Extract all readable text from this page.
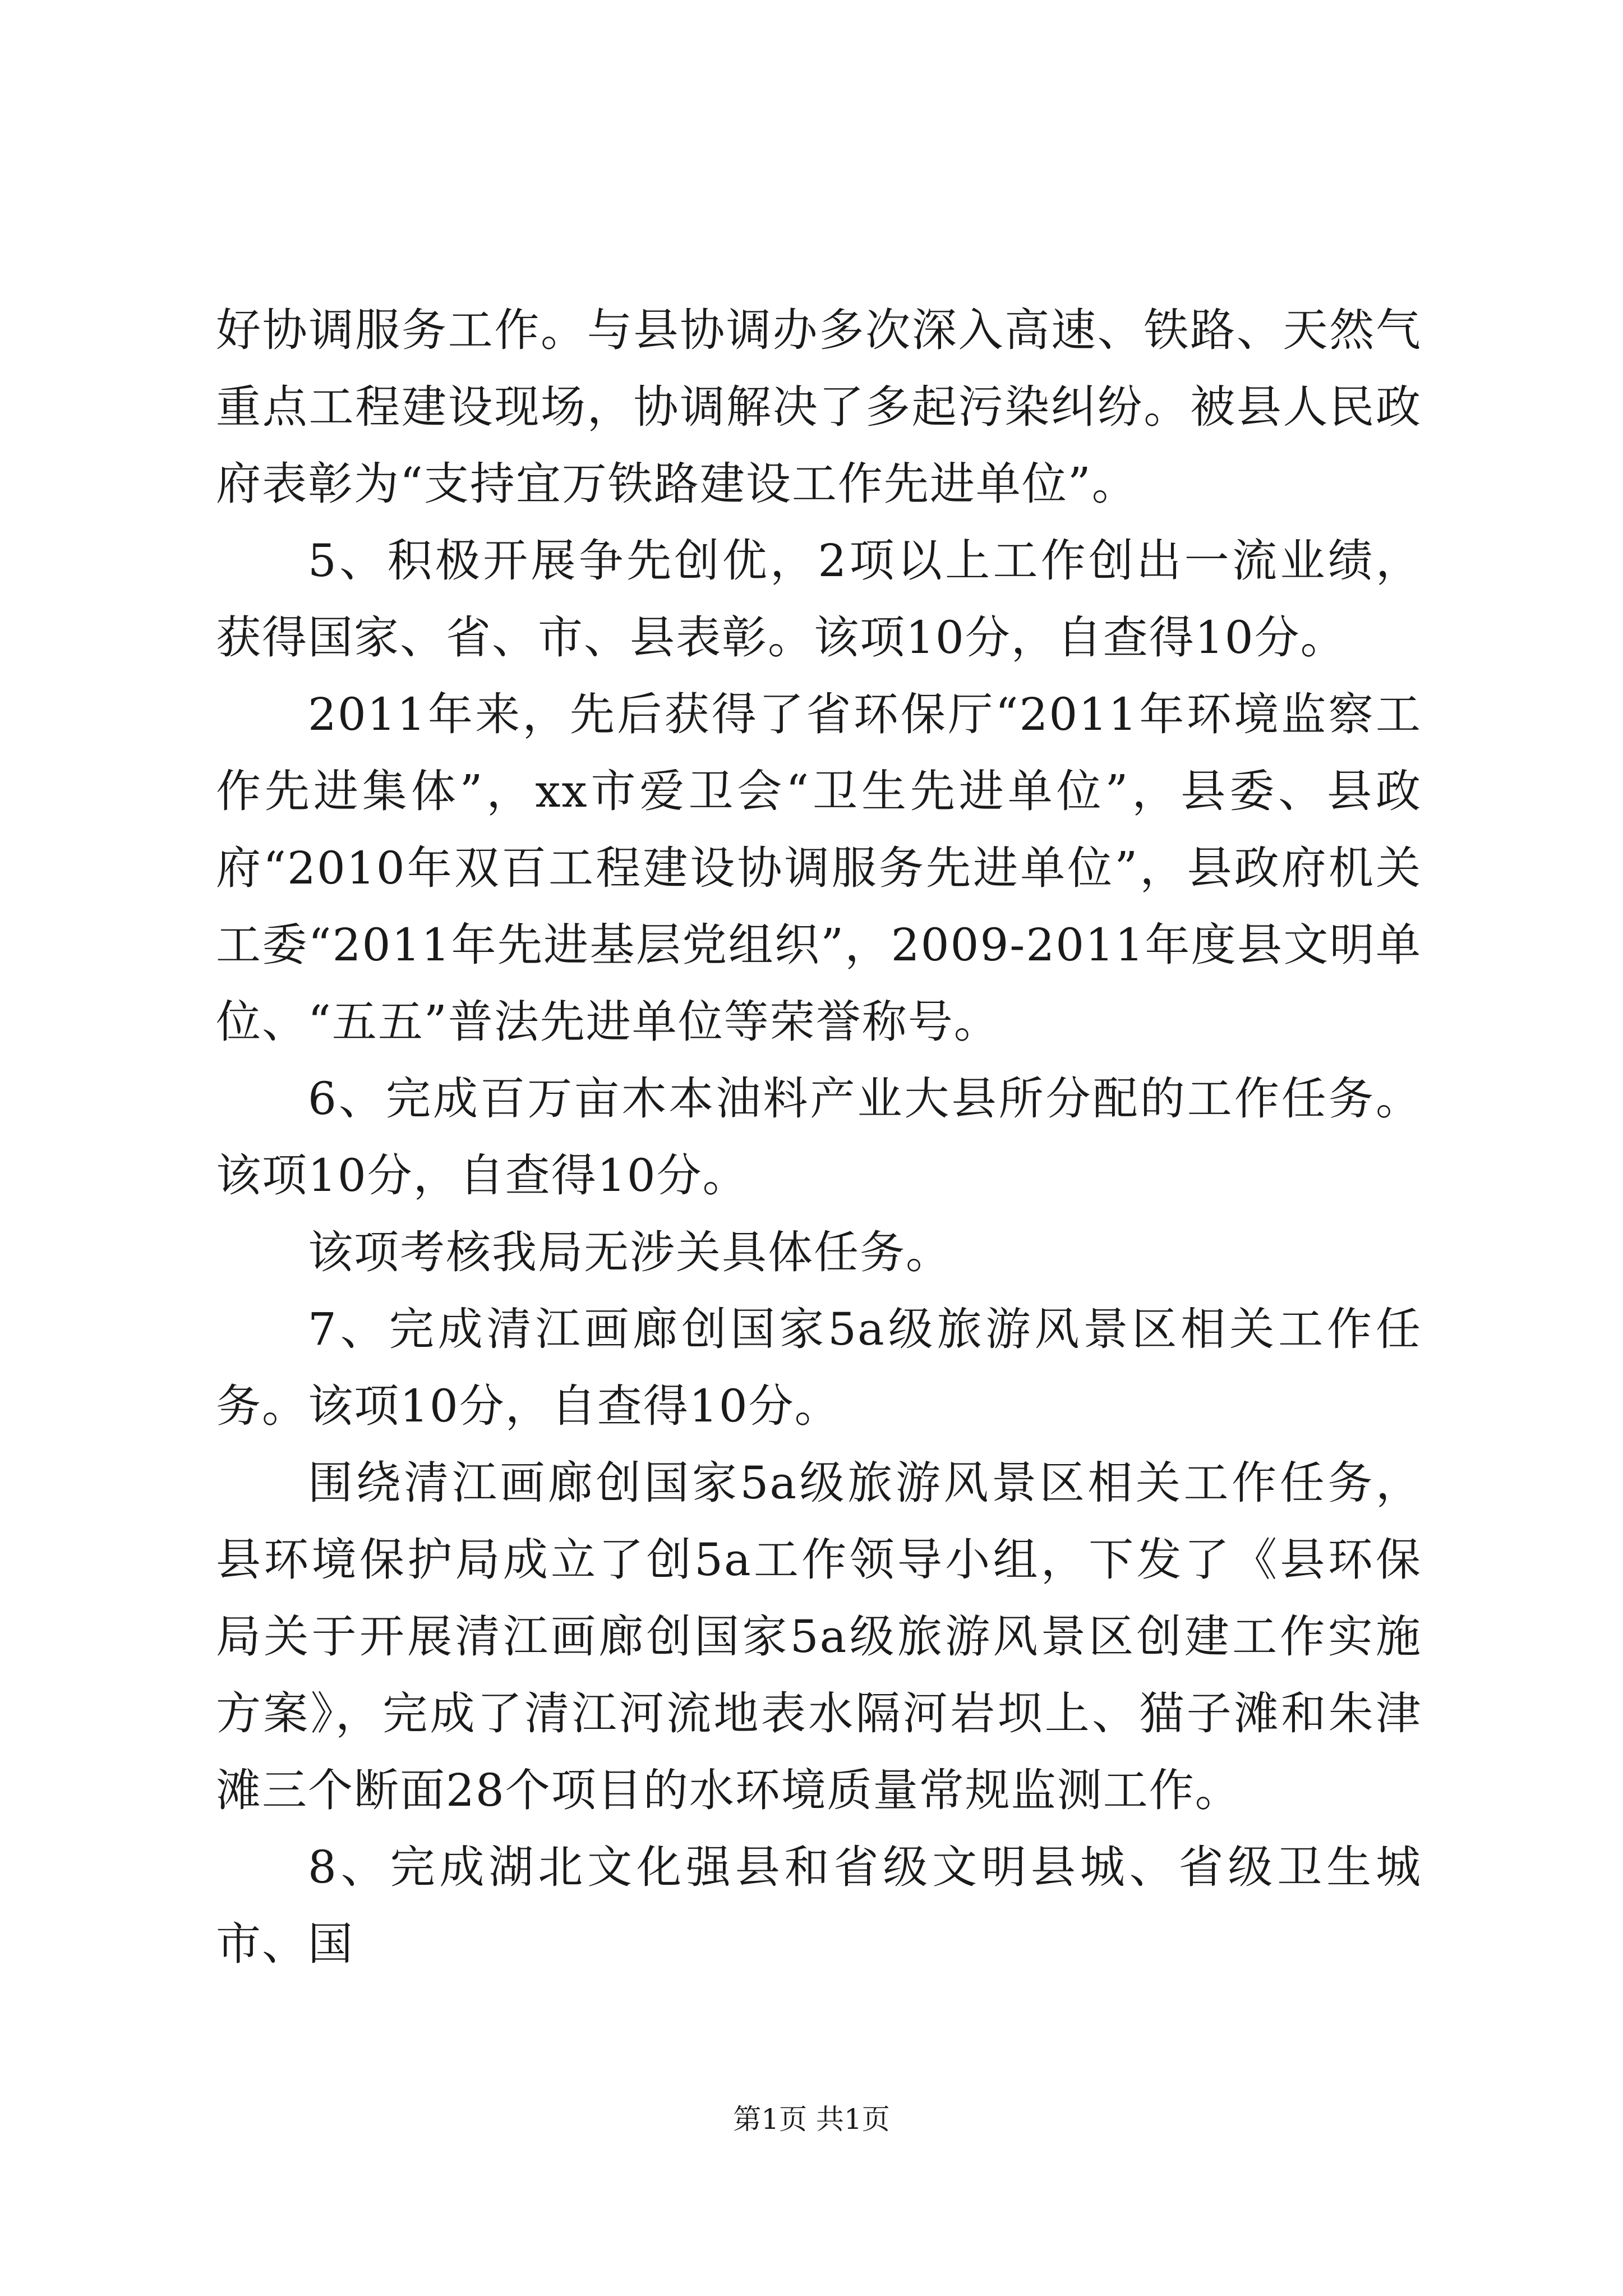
好协调服务工作。与县协调办多次深入高速、铁路、天然气重点工程建设现场，协调解决了多起污染纠纷。被县人民政府表彰为“支持宜万铁路建设工作先进单位”。

5、积极开展争先创优，2项以上工作创出一流业绩，获得国家、省、市、县表彰。该项10分，自查得10分。

2011年来，先后获得了省环保厅“2011年环境监察工作先进集体”，xx市爱卫会“卫生先进单位”，县委、县政府“2010年双百工程建设协调服务先进单位”，县政府机关工委“2011年先进基层党组织”，2009-2011年度县文明单位、“五五”普法先进单位等荣誉称号。

6、完成百万亩木本油料产业大县所分配的工作任务。该项10分，自查得10分。

该项考核我局无涉关具体任务。

7、完成清江画廊创国家5a级旅游风景区相关工作任务。该项10分，自查得10分。

围绕清江画廊创国家5a级旅游风景区相关工作任务，县环境保护局成立了创5a工作领导小组，下发了《县环保局关于开展清江画廊创国家5a级旅游风景区创建工作实施方案》，完成了清江河流地表水隔河岩坝上、猫子滩和朱津滩三个断面28个项目的水环境质量常规监测工作。

8、完成湖北文化强县和省级文明县城、省级卫生城市、国

第1页 共1页
